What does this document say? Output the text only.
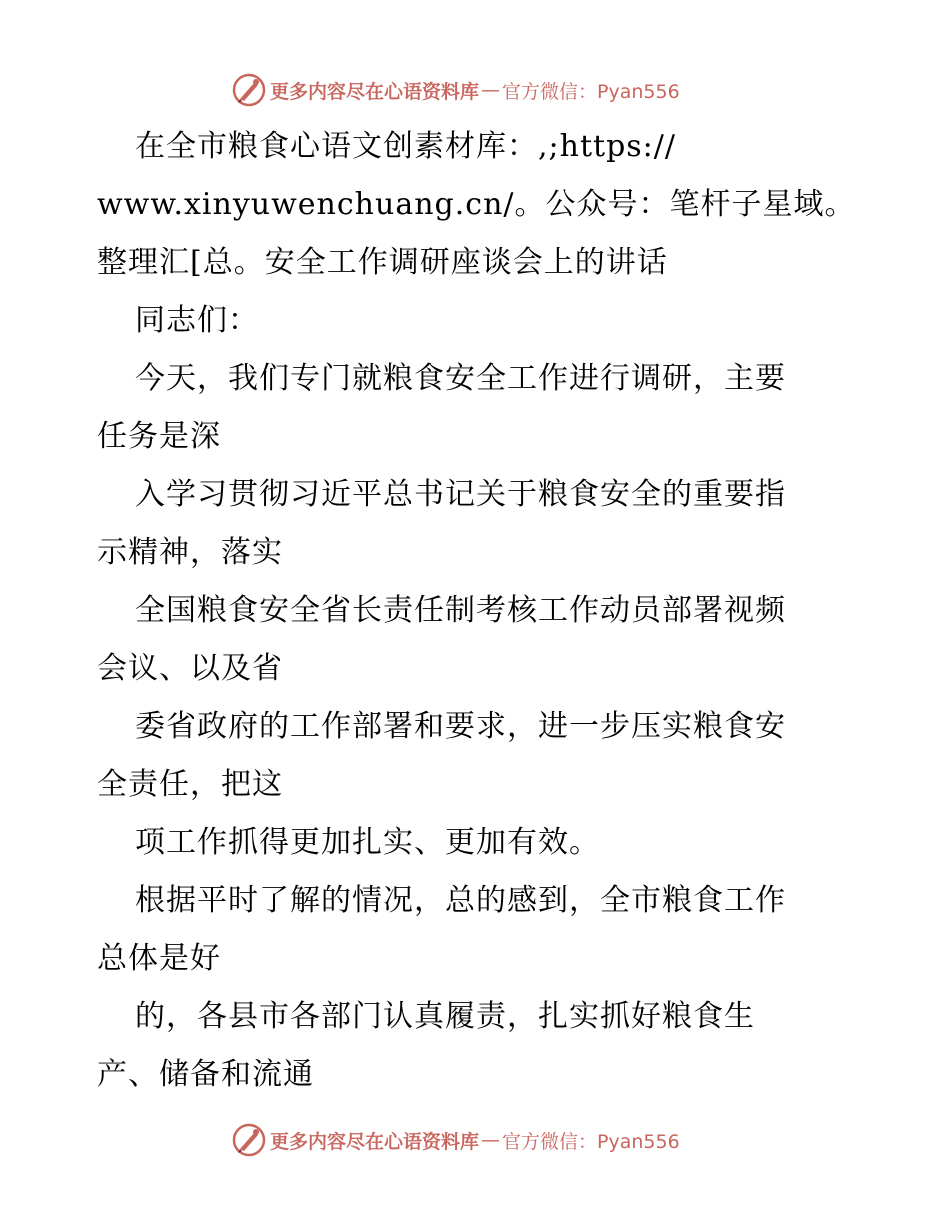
更多内容尽在心语资料库 — 官方微信：Pyan556
在全市粮食心语文创素材库：,;https://
www.xinyuwenchuang.cn/。公众号：笔杆子星域。
整理汇[总。安全工作调研座谈会上的讲话
同志们：
今天，我们专门就粮食安全工作进行调研，主要
任务是深
入学习贯彻习近平总书记关于粮食安全的重要指
示精神，落实
全国粮食安全省长责任制考核工作动员部署视频
会议、以及省
委省政府的工作部署和要求，进一步压实粮食安
全责任，把这
项工作抓得更加扎实、更加有效。
根据平时了解的情况，总的感到，全市粮食工作
总体是好
的，各县市各部门认真履责，扎实抓好粮食生
产、储备和流通
更多内容尽在心语资料库 — 官方微信：Pyan556
